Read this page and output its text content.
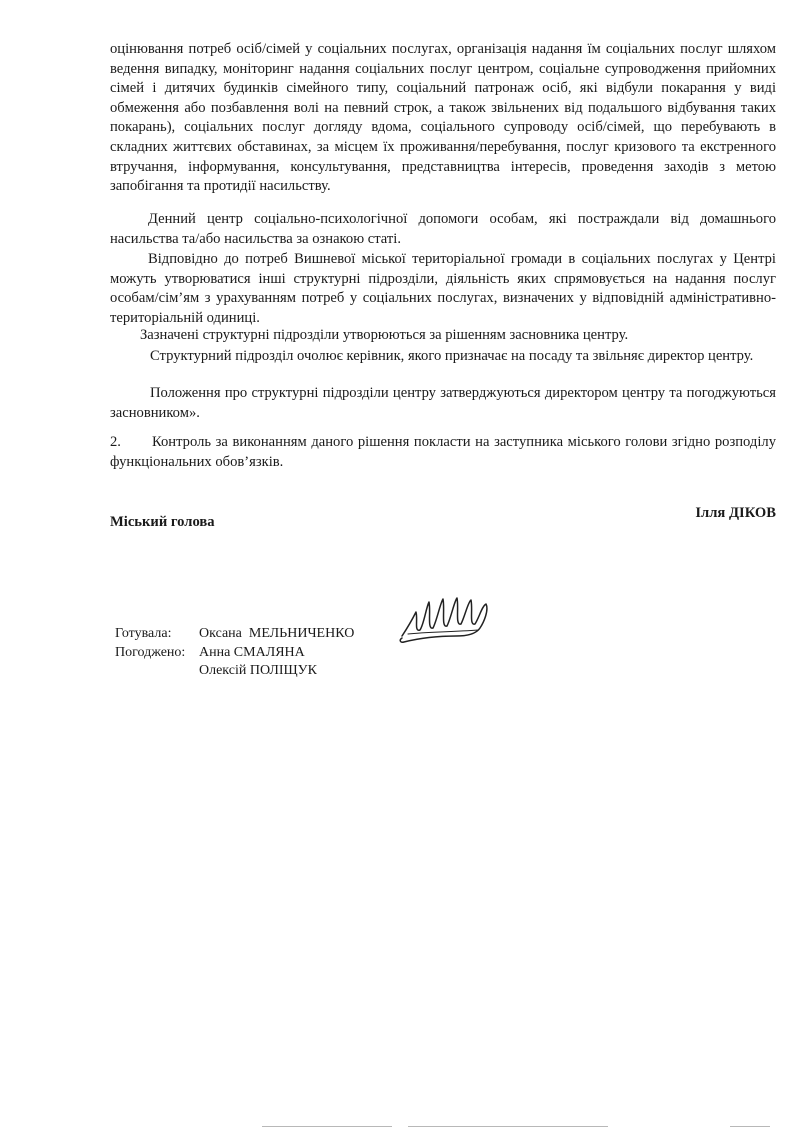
оцінювання потреб осіб/сімей у соціальних послугах, організація надання їм соціальних послуг шляхом ведення випадку, моніторинг надання соціальних послуг центром, соціальне супроводження прийомних сімей і дитячих будинків сімейного типу, соціальний патронаж осіб, які відбули покарання у виді обмеження або позбавлення волі на певний строк, а також звільнених від подальшого відбування таких покарань), соціальних послуг догляду вдома, соціального супроводу осіб/сімей, що перебувають в складних життєвих обставинах, за місцем їх проживання/перебування, послуг кризового та екстренного втручання, інформування, консультування, представництва інтересів, проведення заходів з метою запобігання та протидії насильству.

Денний центр соціально-психологічної допомоги особам, які постраждали від домашнього насильства та/або насильства за ознакою статі.

Відповідно до потреб Вишневої міської територіальної громади в соціальних послугах у Центрі можуть утворюватися інші структурні підрозділи, діяльність яких спрямовується на надання послуг особам/сім’ям з урахуванням потреб у соціальних послугах, визначених у відповідній адміністративно-територіальній одиниці.

Зазначені структурні підрозділи утворюються за рішенням засновника центру.

Структурний підрозділ очолює керівник, якого призначає на посаду та звільняє директор центру.

Положення про структурні підрозділи центру затверджуються директором центру та погоджуються засновником».

2. Контроль за виконанням даного рішення покласти на заступника міського голови згідно розподілу функціональних обов’язків.

Міський голова
Ілля ДІКОВ
Готувала:	Оксана  МЕЛЬНИЧЕНКО
Погоджено: Анна СМАЛЯНА
Олексій ПОЛІЩУК
